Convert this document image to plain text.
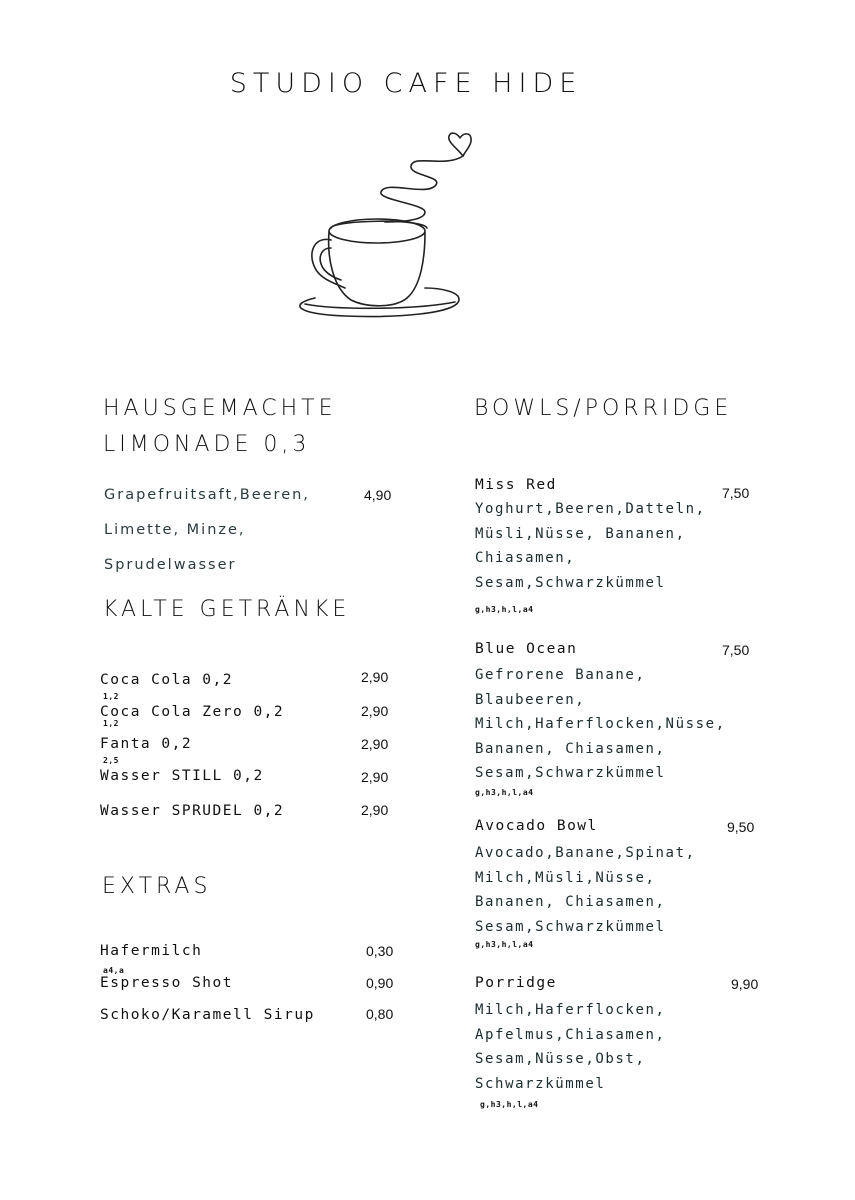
STUDIO CAFE HIDE
HAUSGEMACHTE
LIMONADE 0,3
Grapefruitsaft,Beeren,
Limette, Minze,
Sprudelwasser
4,90
KALTE GETRÄNKE
Coca Cola 0,2	2,90
1,2
Coca Cola Zero 0,2	2,90
1,2
Fanta 0,2	2,90
2,5
Wasser STILL 0,2	2,90
Wasser SPRUDEL 0,2	2,90
EXTRAS
Hafermilch	0,30
a4,a
Espresso Shot	0,90
Schoko/Karamell Sirup	0,80
BOWLS/PORRIDGE
Miss Red	7,50
Yoghurt,Beeren,Datteln,
Müsli,Nüsse, Bananen,
Chiasamen,
Sesam,Schwarzkümmel
g,h3,h,l,a4
Blue Ocean	7,50
Gefrorene Banane,
Blaubeeren,
Milch,Haferflocken,Nüsse,
Bananen, Chiasamen,
Sesam,Schwarzkümmel
g,h3,h,l,a4
Avocado Bowl	9,50
Avocado,Banane,Spinat,
Milch,Müsli,Nüsse,
Bananen, Chiasamen,
Sesam,Schwarzkümmel
g,h3,h,l,a4
Porridge	9,90
Milch,Haferflocken,
Apfelmus,Chiasamen,
Sesam,Nüsse,Obst,
Schwarzkümmel
g,h3,h,l,a4
